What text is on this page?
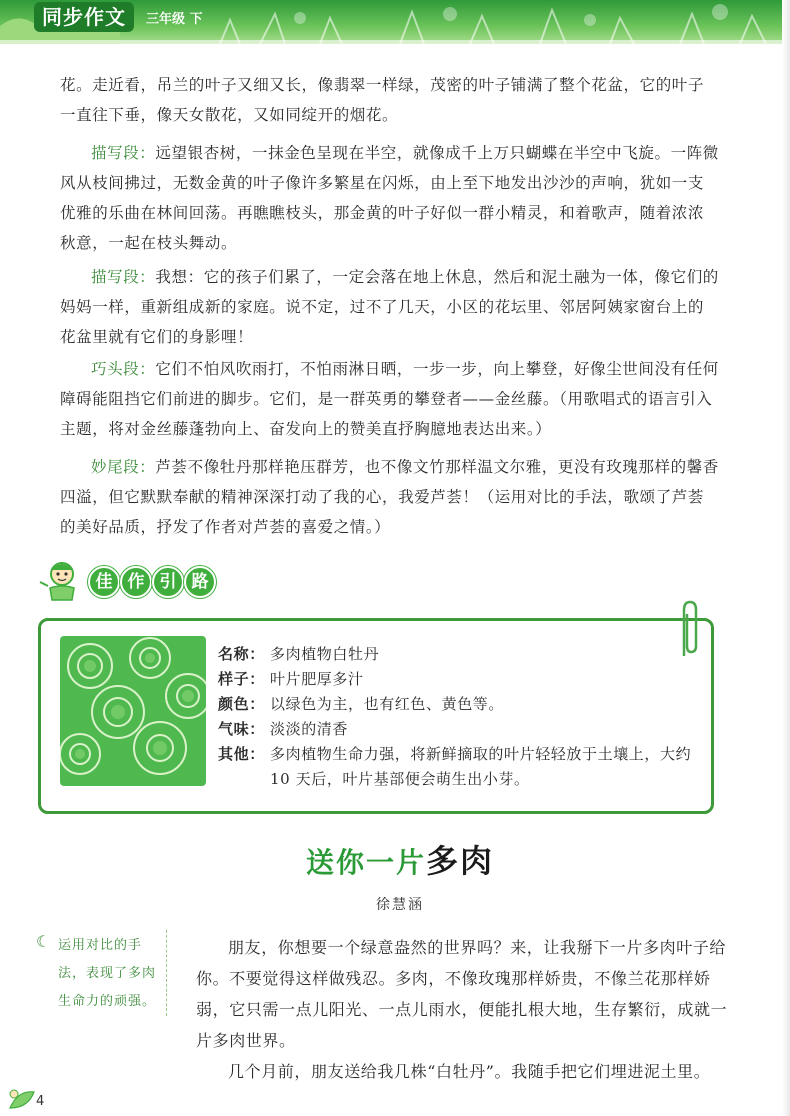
同步作文	三年级 下

花。走近看，吊兰的叶子又细又长，像翡翠一样绿，茂密的叶子铺满了整个花盆，它的叶子一直往下垂，像天女散花，又如同绽开的烟花。

描写段：远望银杏树，一抹金色呈现在半空，就像成千上万只蝴蝶在半空中飞旋。一阵微风从枝间拂过，无数金黄的叶子像许多繁星在闪烁，由上至下地发出沙沙的声响，犹如一支优雅的乐曲在林间回荡。再瞧瞧枝头，那金黄的叶子好似一群小精灵，和着歌声，随着浓浓秋意，一起在枝头舞动。

描写段：我想：它的孩子们累了，一定会落在地上休息，然后和泥土融为一体，像它们的妈妈一样，重新组成新的家庭。说不定，过不了几天，小区的花坛里、邻居阿姨家窗台上的花盆里就有它们的身影哩！

巧头段：它们不怕风吹雨打，不怕雨淋日晒，一步一步，向上攀登，好像尘世间没有任何障碍能阻挡它们前进的脚步。它们，是一群英勇的攀登者——金丝藤。（用歌唱式的语言引入主题，将对金丝藤蓬勃向上、奋发向上的赞美直抒胸臆地表达出来。）

妙尾段：芦荟不像牡丹那样艳压群芳，也不像文竹那样温文尔雅，更没有玫瑰那样的馨香四溢，但它默默奉献的精神深深打动了我的心，我爱芦荟！（运用对比的手法，歌颂了芦荟的美好品质，抒发了作者对芦荟的喜爱之情。）

佳 作 引 路
名称： 多肉植物白牡丹
样子： 叶片肥厚多汁
颜色： 以绿色为主，也有红色、黄色等。
气味： 淡淡的清香
其他： 多肉植物生命力强，将新鲜摘取的叶片轻轻放于土壤上，大约 10 天后，叶片基部便会萌生出小芽。
送你一片多肉
徐慧涵
☾ 运用对比的手法，表现了多肉生命力的顽强。

朋友，你想要一个绿意盎然的世界吗？来，让我掰下一片多肉叶子给你。不要觉得这样做残忍。多肉，不像玫瑰那样娇贵，不像兰花那样娇弱，它只需一点儿阳光、一点儿雨水，便能扎根大地，生存繁衍，成就一片多肉世界。

几个月前，朋友送给我几株“白牡丹”。我随手把它们埋进泥土里。

4
